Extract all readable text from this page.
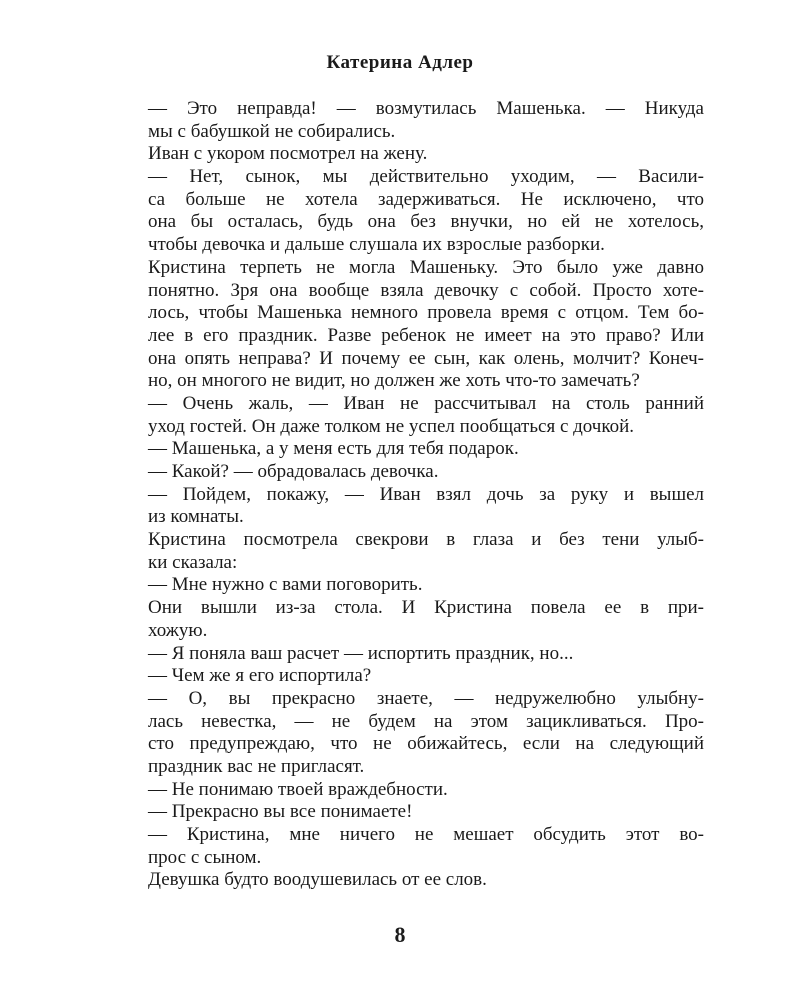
Катерина Адлер
— Это неправда! — возмутилась Машенька. — Никуда
мы с бабушкой не собирались.
Иван с укором посмотрел на жену.
— Нет, сынок, мы действительно уходим, — Васили-
са больше не хотела задерживаться. Не исключено, что
она бы осталась, будь она без внучки, но ей не хотелось,
чтобы девочка и дальше слушала их взрослые разборки.
Кристина терпеть не могла Машеньку. Это было уже давно
понятно. Зря она вообще взяла девочку с собой. Просто хоте-
лось, чтобы Машенька немного провела время с отцом. Тем бо-
лее в его праздник. Разве ребенок не имеет на это право? Или
она опять неправа? И почему ее сын, как олень, молчит? Конеч-
но, он многого не видит, но должен же хоть что-то замечать?
— Очень жаль, — Иван не рассчитывал на столь ранний
уход гостей. Он даже толком не успел пообщаться с дочкой.
— Машенька, а у меня есть для тебя подарок.
— Какой? — обрадовалась девочка.
— Пойдем, покажу, — Иван взял дочь за руку и вышел
из комнаты.
Кристина посмотрела свекрови в глаза и без тени улыб-
ки сказала:
— Мне нужно с вами поговорить.
Они вышли из-за стола. И Кристина повела ее в при-
хожую.
— Я поняла ваш расчет — испортить праздник, но...
— Чем же я его испортила?
— О, вы прекрасно знаете, — недружелюбно улыбну-
лась невестка, — не будем на этом зацикливаться. Про-
сто предупреждаю, что не обижайтесь, если на следующий
праздник вас не пригласят.
— Не понимаю твоей враждебности.
— Прекрасно вы все понимаете!
— Кристина, мне ничего не мешает обсудить этот во-
прос с сыном.
Девушка будто воодушевилась от ее слов.
8
